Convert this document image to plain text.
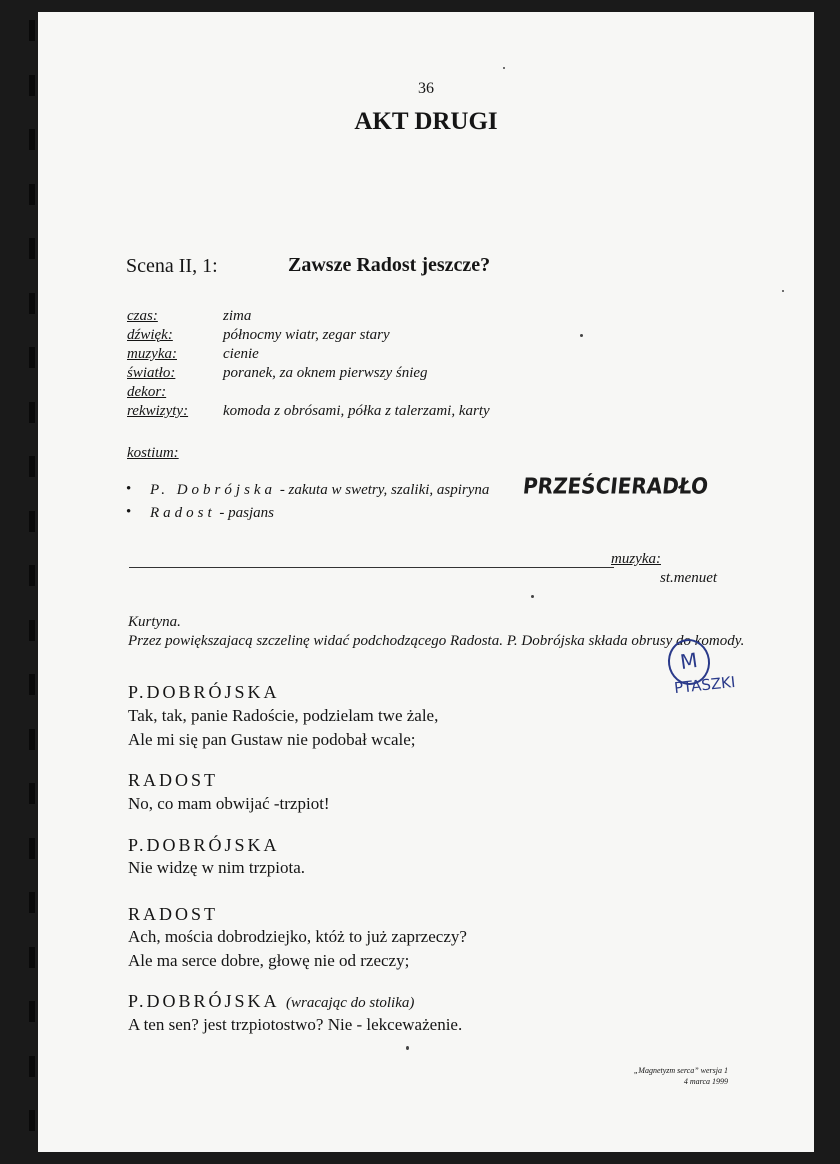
36
AKT DRUGI
Scena II, 1:	Zawsze Radost jeszcze?
czas:	zima
dźwięk:	północmy wiatr, zegar stary
muzyka:	cienie
światło:	poranek, za oknem pierwszy śnieg
dekor:
rekwizyty: komoda z obrósami, półka z talerzami, karty
kostium:
• P. Dobrójska - zakuta w swetry, szaliki, aspiryna
• Radost - pasjans
PRZEŚCIERADŁO
muzyka:
st.menuet
Kurtyna.
Przez powiększajacą szczelinę widać podchodzącego Radosta. P. Dobrójska składa obrusy do komody.
M
PTASZKI
P.DOBRÓJSKA
Tak, tak, panie Radoście, podzielam twe żale,
Ale mi się pan Gustaw nie podobał wcale;
RADOST
No, co mam obwijać -trzpiot!
P.DOBRÓJSKA
Nie widzę w nim trzpiota.
RADOST
Ach, mościa dobrodziejko, któż to już zaprzeczy?
Ale ma serce dobre, głowę nie od rzeczy;
P.DOBRÓJSKA (wracając do stolika)
A ten sen? jest trzpiotostwo? Nie - lekceważenie.
„Magnetyzm serca” wersja 1
4 marca 1999
